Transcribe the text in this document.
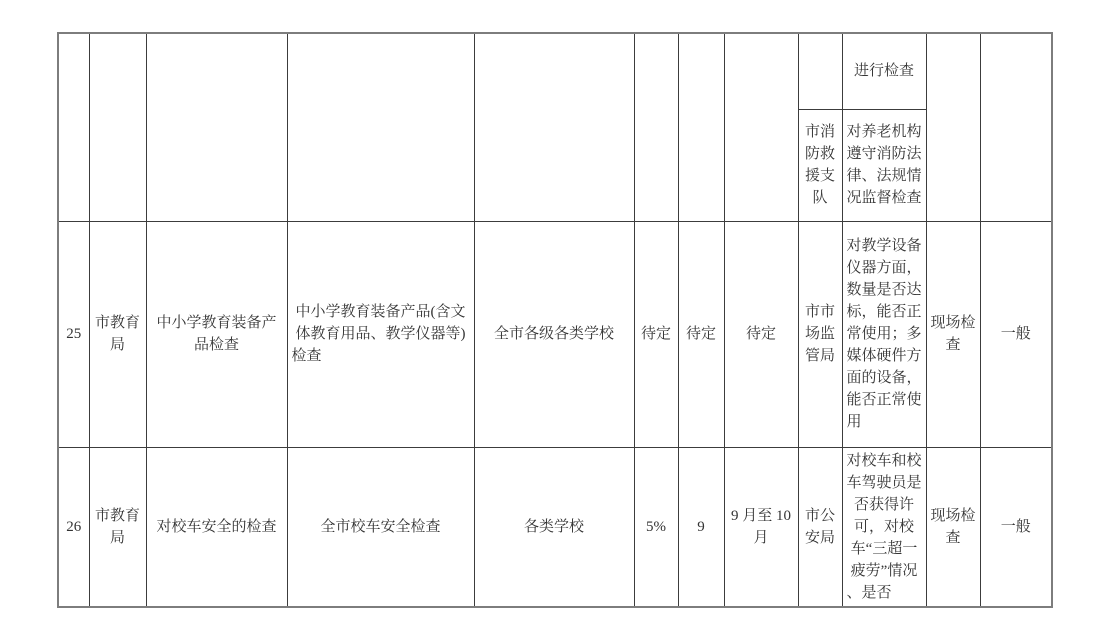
									进行检查		
								市消防救援支队	对养老机构遵守消防法律、法规情况监督检查		
25	市教育局	中小学教育装备产品检查	中小学教育装备产品(含文体教育用品、教学仪器等)检查	全市各级各类学校	待定	待定	待定	市市场监管局	对教学设备仪器方面，数量是否达标，能否正常使用；多媒体硬件方 面的设备，能否正常使用	现场检查	一般
26	市教育局	对校车安全的检查	全市校车安全检查	各类学校	5%	9	9 月至 10 月	市公安局	对校车和校车驾驶员是否获得许可，对校车“三超一疲劳”情况 、是否	现场检查	一般
